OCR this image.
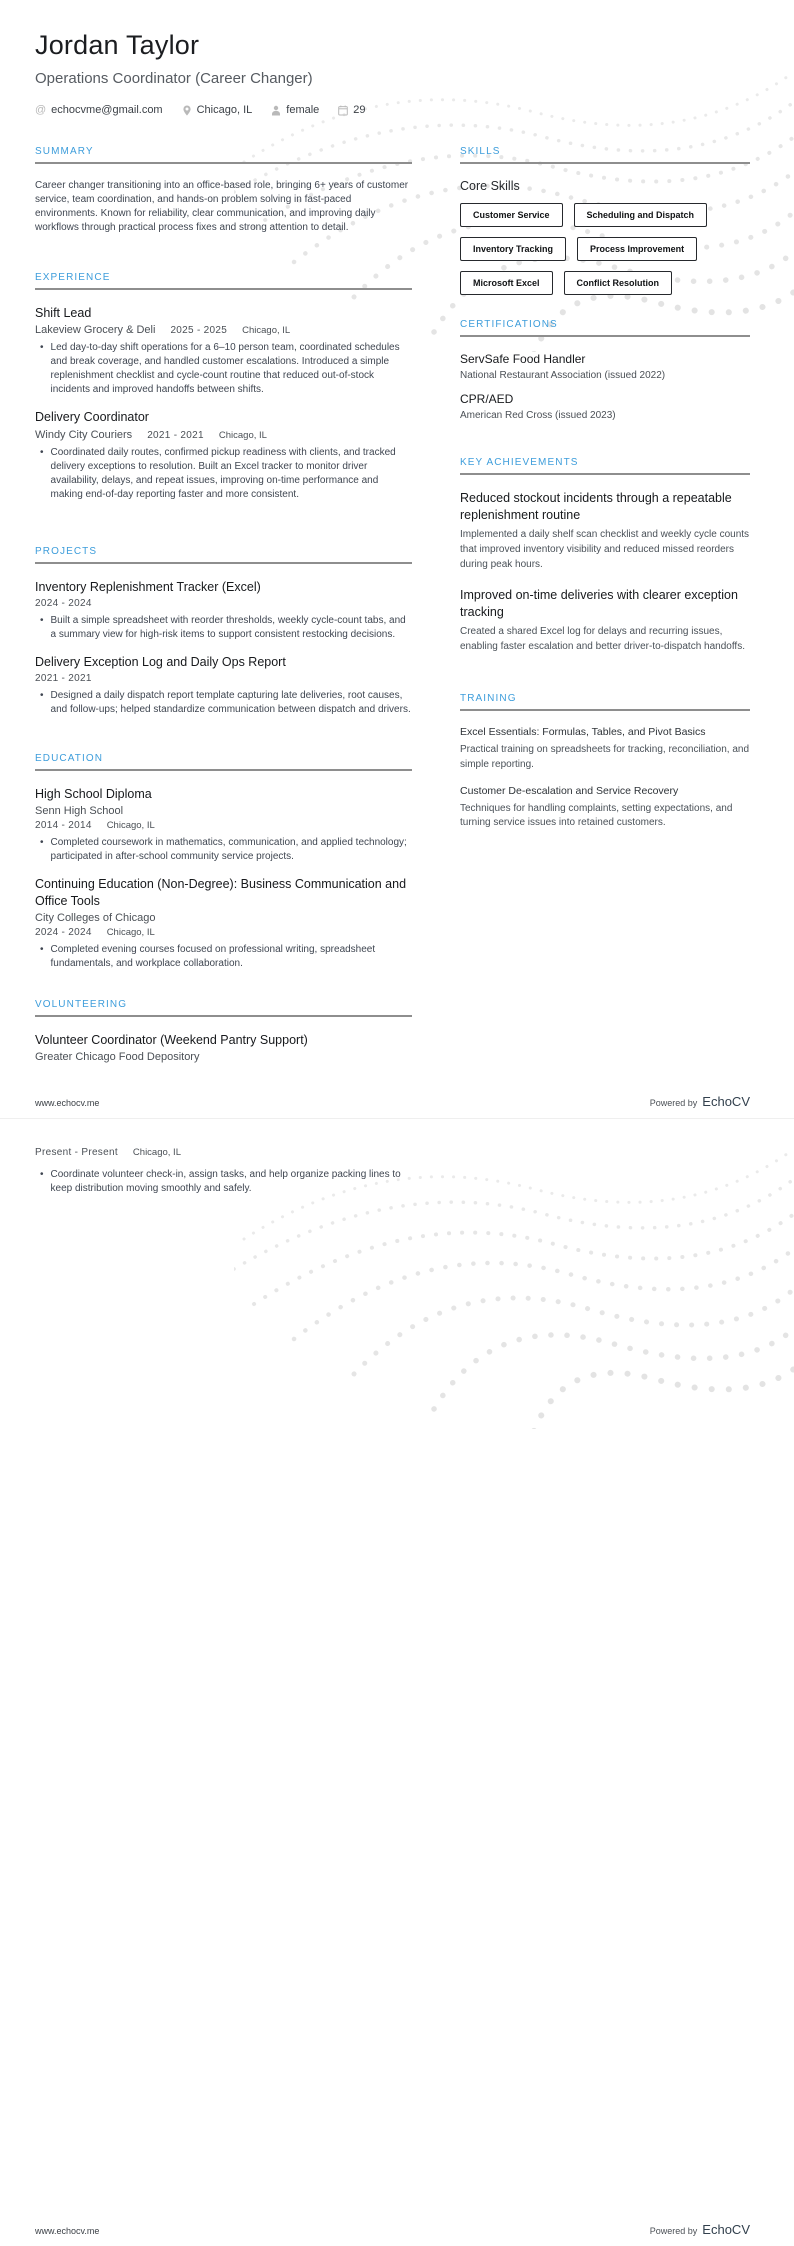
Jordan Taylor
Operations Coordinator (Career Changer)
@ echocvme@gmail.com	Chicago, IL	female	29
SUMMARY

Career changer transitioning into an office-based role, bringing 6+ years of customer service, team coordination, and hands-on problem solving in fast-paced environments. Known for reliability, clear communication, and improving daily workflows through practical process fixes and strong attention to detail.

EXPERIENCE
Shift Lead
Lakeview Grocery & Deli 2025 - 2025 Chicago, IL
•
Led day-to-day shift operations for a 6–10 person team, coordinated schedules and break coverage, and handled customer escalations. Introduced a simple replenishment checklist and cycle-count routine that reduced out-of-stock incidents and improved handoffs between shifts.
Delivery Coordinator
Windy City Couriers 2021 - 2021 Chicago, IL
•
Coordinated daily routes, confirmed pickup readiness with clients, and tracked delivery exceptions to resolution. Built an Excel tracker to monitor driver availability, delays, and repeat issues, improving on-time performance and making end-of-day reporting faster and more consistent.
PROJECTS
Inventory Replenishment Tracker (Excel)
2024 - 2024
•
Built a simple spreadsheet with reorder thresholds, weekly cycle-count tabs, and a summary view for high-risk items to support consistent restocking decisions.
Delivery Exception Log and Daily Ops Report
2021 - 2021
•
Designed a daily dispatch report template capturing late deliveries, root causes, and follow-ups; helped standardize communication between dispatch and drivers.
EDUCATION
High School Diploma
Senn High School
2014 - 2014 Chicago, IL
•
Completed coursework in mathematics, communication, and applied technology; participated in after-school community service projects.
Continuing Education (Non-Degree): Business Communication and Office Tools
City Colleges of Chicago
2024 - 2024 Chicago, IL
•
Completed evening courses focused on professional writing, spreadsheet fundamentals, and workplace collaboration.
VOLUNTEERING
Volunteer Coordinator (Weekend Pantry Support)
Greater Chicago Food Depository
SKILLS
Core Skills
Customer Service	Scheduling and Dispatch
Inventory Tracking	Process Improvement
Microsoft Excel	Conflict Resolution
CERTIFICATIONS
ServSafe Food Handler
National Restaurant Association (issued 2022)
CPR/AED
American Red Cross (issued 2023)
KEY ACHIEVEMENTS
Reduced stockout incidents through a repeatable replenishment routine
Implemented a daily shelf scan checklist and weekly cycle counts that improved inventory visibility and reduced missed reorders during peak hours.
Improved on-time deliveries with clearer exception tracking
Created a shared Excel log for delays and recurring issues, enabling faster escalation and better driver-to-dispatch handoffs.
TRAINING
Excel Essentials: Formulas, Tables, and Pivot Basics
Practical training on spreadsheets for tracking, reconciliation, and simple reporting.
Customer De-escalation and Service Recovery
Techniques for handling complaints, setting expectations, and turning service issues into retained customers.
www.echocv.me	Powered by EchoCV
Present - Present Chicago, IL
•
Coordinate volunteer check-in, assign tasks, and help organize packing lines to keep distribution moving smoothly and safely.
www.echocv.me	Powered by EchoCV
